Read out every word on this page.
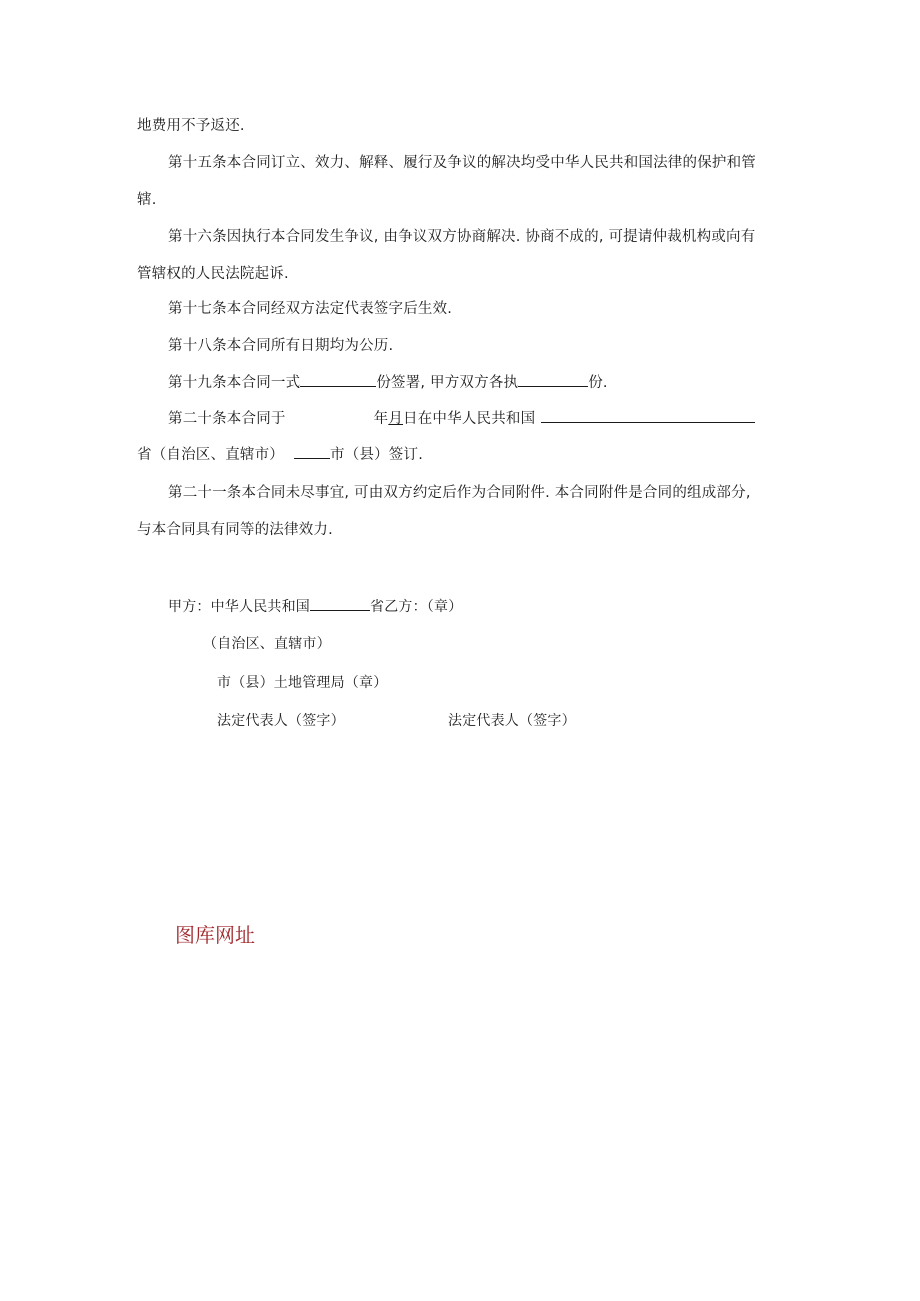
地费用不予返还.
第十五条本合同订立、效力、解释、履行及争议的解决均受中华人民共和国法律的保护和管
辖.
第十六条因执行本合同发生争议, 由争议双方协商解决. 协商不成的, 可提请仲裁机构或向有
管辖权的人民法院起诉.
第十七条本合同经双方法定代表签字后生效.
第十八条本合同所有日期均为公历.
第十九条本合同一式	份签署, 甲方双方各执	份.
第二十条本合同于	年月日在中华人民共和国
省（自治区、直辖市）	市（县）签订.
第二十一条本合同未尽事宜, 可由双方约定后作为合同附件. 本合同附件是合同的组成部分,
与本合同具有同等的法律效力.
甲方：中华人民共和国	省乙方：（章）
（自治区、直辖市）
市（县）土地管理局（章）
法定代表人（签字）	法定代表人（签字）
图库网址
